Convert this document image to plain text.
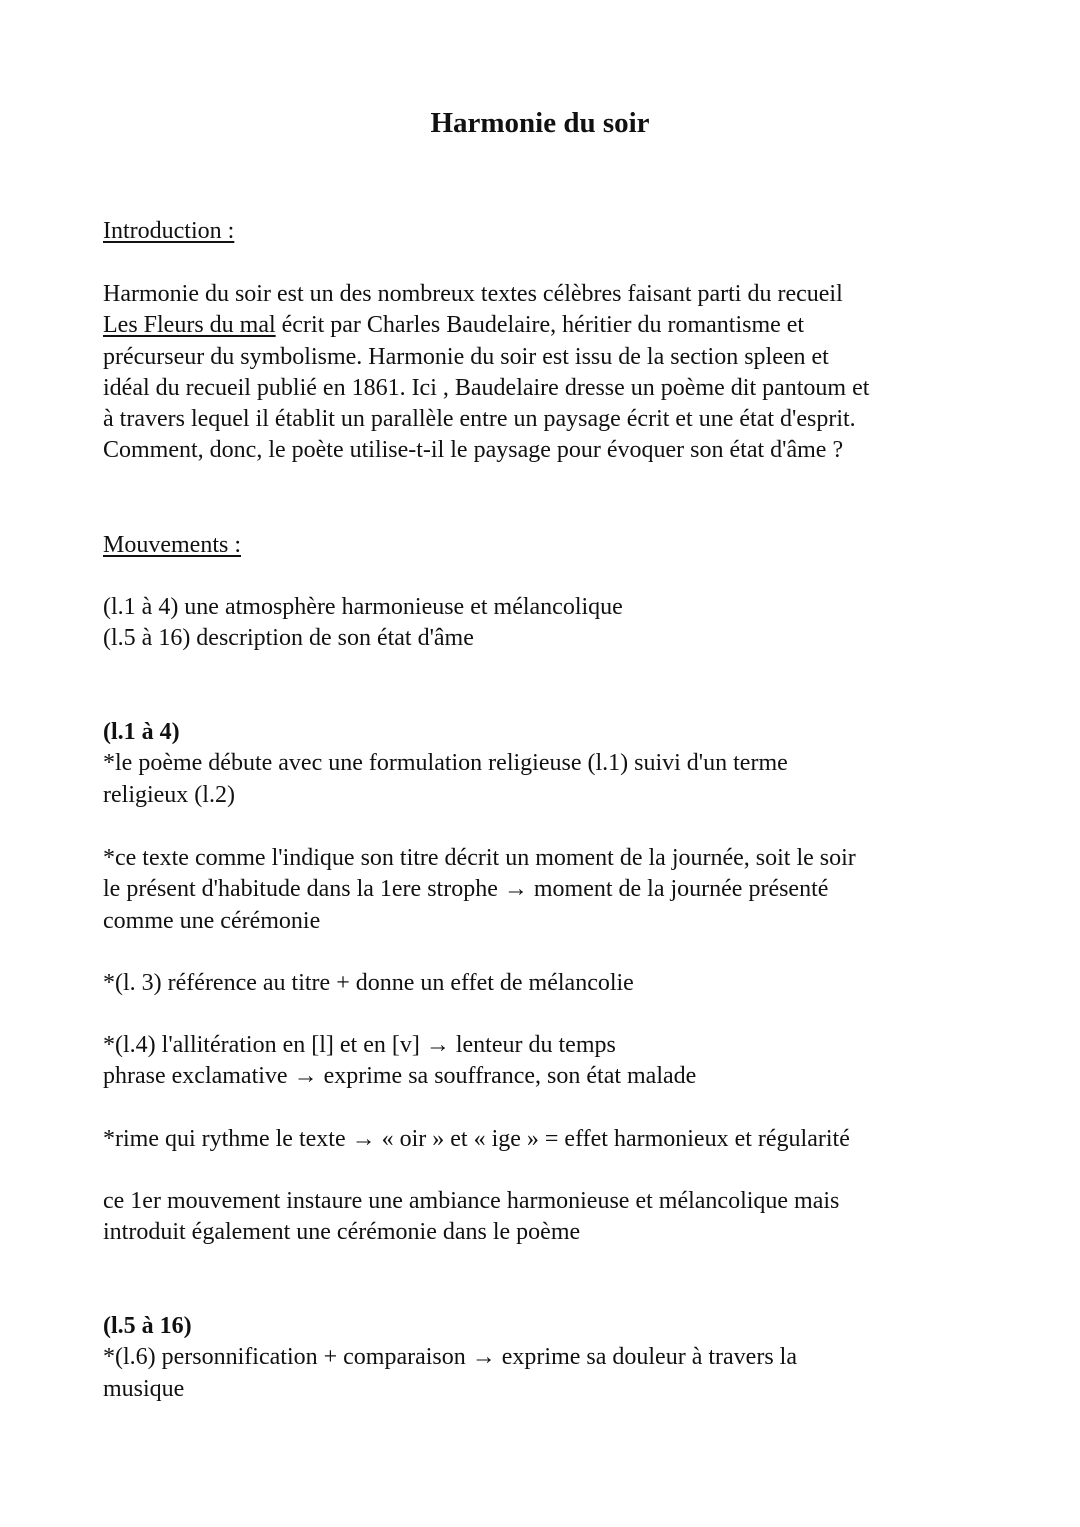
Harmonie du soir
Introduction :
Harmonie du soir est un des nombreux textes célèbres faisant parti du recueil
Les Fleurs du mal écrit par Charles Baudelaire, héritier du romantisme et
précurseur du symbolisme. Harmonie du soir est issu de la section spleen et
idéal du recueil publié en 1861. Ici , Baudelaire dresse un poème dit pantoum et
à travers lequel il établit un parallèle entre un paysage écrit et une état d'esprit.
Comment, donc, le poète utilise-t-il le paysage pour évoquer son état d'âme ?
Mouvements :
(l.1 à 4) une atmosphère harmonieuse et mélancolique
(l.5 à 16) description de son état d'âme
(l.1 à 4)
*le poème débute avec une formulation religieuse (l.1) suivi d'un terme
religieux (l.2)
*ce texte comme l'indique son titre décrit un moment de la journée, soit le soir
le présent d'habitude dans la 1ere strophe → moment de la journée présenté
comme une cérémonie
*(l. 3) référence au titre + donne un effet de mélancolie
*(l.4) l'allitération en [l] et en [v] → lenteur du temps
phrase exclamative → exprime sa souffrance, son état malade
*rime qui rythme le texte → « oir » et « ige » = effet harmonieux et régularité
ce 1er mouvement instaure une ambiance harmonieuse et mélancolique mais
introduit également une cérémonie dans le poème
(l.5 à 16)
*(l.6) personnification + comparaison → exprime sa douleur à travers la
musique
